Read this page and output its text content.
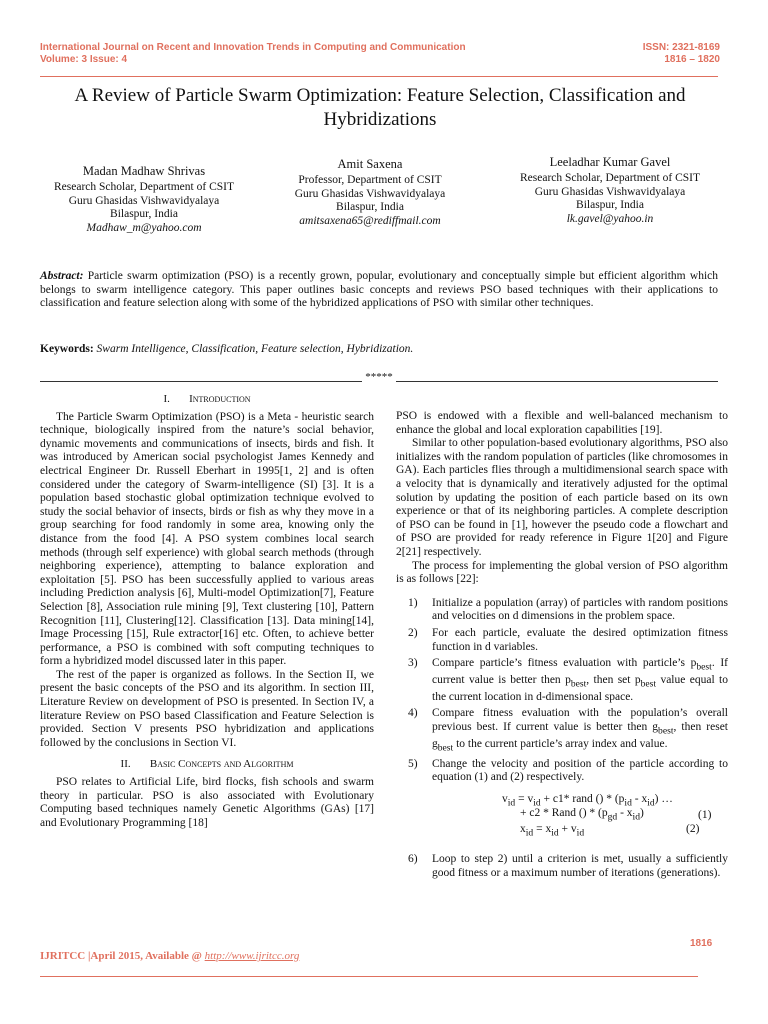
International Journal on Recent and Innovation Trends in Computing and Communication
Volume: 3 Issue: 4
ISSN: 2321-8169
1816 – 1820
A Review of Particle Swarm Optimization: Feature Selection, Classification and Hybridizations
Madan Madhaw Shrivas
Research Scholar, Department of CSIT
Guru Ghasidas Vishwavidyalaya
Bilaspur, India
Madhaw_m@yahoo.com
Amit Saxena
Professor, Department of CSIT
Guru Ghasidas Vishwavidyalaya
Bilaspur, India
amitsaxena65@rediffmail.com
Leeladhar Kumar Gavel
Research Scholar, Department of CSIT
Guru Ghasidas Vishwavidyalaya
Bilaspur, India
lk.gavel@yahoo.in
Abstract: Particle swarm optimization (PSO) is a recently grown, popular, evolutionary and conceptually simple but efficient algorithm which belongs to swarm intelligence category. This paper outlines basic concepts and reviews PSO based techniques with their applications to classification and feature selection along with some of the hybridized applications of PSO with similar other techniques.
Keywords: Swarm Intelligence, Classification, Feature selection, Hybridization.
*****
I. Introduction

The Particle Swarm Optimization (PSO) is a Meta - heuristic search technique, biologically inspired from the nature’s social behavior, dynamic movements and communications of insects, birds and fish. It was introduced by American social psychologist James Kennedy and electrical Engineer Dr. Russell Eberhart in 1995[1, 2] and is often considered under the category of Swarm-intelligence (SI) [3]. It is a population based stochastic global optimization technique evolved to study the social behavior of insects, birds or fish as why they move in a group searching for food randomly in some area, knowing only the distance from the food [4]. A PSO system combines local search methods (through self experience) with global search methods (through neighboring experience), attempting to balance exploration and exploitation [5]. PSO has been successfully applied to various areas including Prediction analysis [6], Multi-model Optimization[7], Feature Selection [8], Association rule mining [9], Text clustering [10], Pattern Recognition [11], Clustering[12]. Classification [13]. Data mining[14], Image Processing [15], Rule extractor[16] etc. Often, to achieve better performance, a PSO is combined with soft computing techniques to form a hybridized model discussed later in this paper.

The rest of the paper is organized as follows. In the Section II, we present the basic concepts of the PSO and its algorithm. In section III, Literature Review on development of PSO is presented. In Section IV, a literature Review on PSO based Classification and Feature Selection is provided. Section V presents PSO hybridization and applications followed by the conclusions in Section VI.

II. Basic Concepts and Algorithm

PSO relates to Artificial Life, bird flocks, fish schools and swarm theory in particular. PSO is also associated with Evolutionary Computing based techniques namely Genetic Algorithms (GAs) [17] and Evolutionary Programming [18]

PSO is endowed with a flexible and well-balanced mechanism to enhance the global and local exploration capabilities [19].

Similar to other population-based evolutionary algorithms, PSO also initializes with the random population of particles (like chromosomes in GA). Each particles flies through a multidimensional search space with a velocity that is dynamically and iteratively adjusted for the optimal solution by updating the position of each particle based on its own experience or that of its neighboring particles. A complete description of PSO can be found in [1], however the pseudo code a flowchart and of PSO are provided for ready reference in Figure 1[20] and Figure 2[21] respectively.

The process for implementing the global version of PSO algorithm is as follows [22]:

1) Initialize a population (array) of particles with random positions and velocities on d dimensions in the problem space.
2) For each particle, evaluate the desired optimization fitness function in d variables.
3) Compare particle’s fitness evaluation with particle’s $p_{best}$. If current value is better then $p_{best}$, then set $p_{best}$ value equal to the current location in d-dimensional space.
4) Compare fitness evaluation with the population’s overall previous best. If current value is better then $g_{best}$, then reset $g_{best}$ to the current particle’s array index and value.
5) Change the velocity and position of the particle according to equation (1) and (2) respectively.
$v_{id} = v_{id} + c1*$ rand () * $(p_{id} - x_{id})$ …
+ c2 * Rand () * $(p_{gd} - x_{id})$	(1)
$x_{id} = x_{id} + v_{id}$	(2)
6) Loop to step 2) until a criterion is met, usually a sufficiently good fitness or a maximum number of iterations (generations).
1816
IJRITCC |April 2015, Available @ http://www.ijritcc.org
